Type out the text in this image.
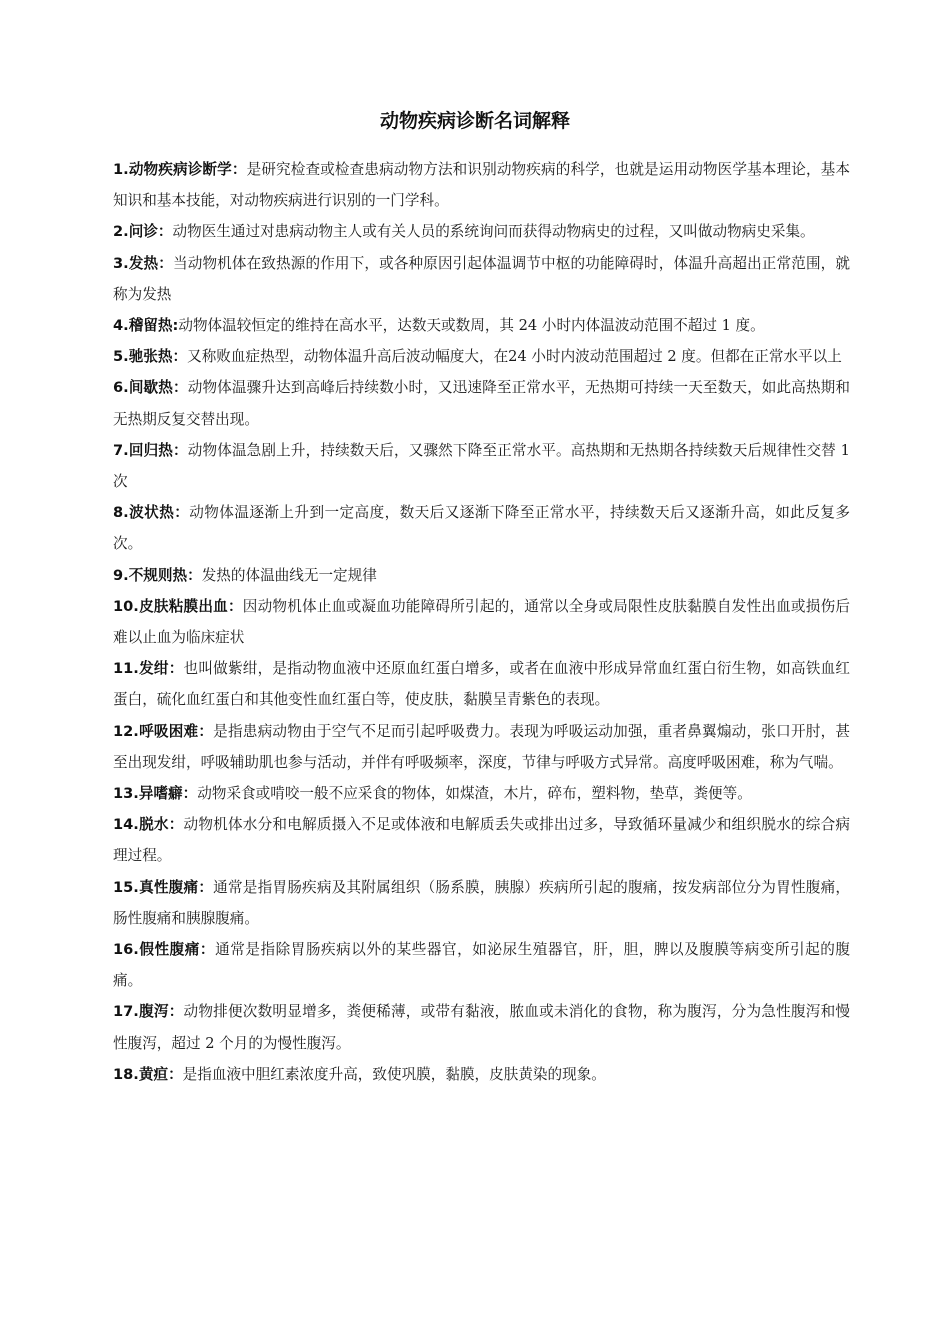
动物疾病诊断名词解释
1.动物疾病诊断学：是研究检查或检查患病动物方法和识别动物疾病的科学，也就是运用动物医学基本理论，基本知识和基本技能，对动物疾病进行识别的一门学科。
2.问诊：动物医生通过对患病动物主人或有关人员的系统询问而获得动物病史的过程，又叫做动物病史采集。
3.发热：当动物机体在致热源的作用下，或各种原因引起体温调节中枢的功能障碍时，体温升高超出正常范围，就称为发热
4.稽留热:动物体温较恒定的维持在高水平，达数天或数周，其 24 小时内体温波动范围不超过 1 度。
5.驰张热：又称败血症热型，动物体温升高后波动幅度大，在24 小时内波动范围超过 2 度。但都在正常水平以上
6.间歇热：动物体温骤升达到高峰后持续数小时，又迅速降至正常水平，无热期可持续一天至数天，如此高热期和无热期反复交替出现。
7.回归热：动物体温急剧上升，持续数天后，又骤然下降至正常水平。高热期和无热期各持续数天后规律性交替 1 次
8.波状热：动物体温逐渐上升到一定高度，数天后又逐渐下降至正常水平，持续数天后又逐渐升高，如此反复多次。
9.不规则热：发热的体温曲线无一定规律
10.皮肤粘膜出血：因动物机体止血或凝血功能障碍所引起的，通常以全身或局限性皮肤黏膜自发性出血或损伤后难以止血为临床症状
11.发绀：也叫做紫绀，是指动物血液中还原血红蛋白增多，或者在血液中形成异常血红蛋白衍生物，如高铁血红蛋白，硫化血红蛋白和其他变性血红蛋白等，使皮肤，黏膜呈青紫色的表现。
12.呼吸困难：是指患病动物由于空气不足而引起呼吸费力。表现为呼吸运动加强，重者鼻翼煽动，张口开肘，甚至出现发绀，呼吸辅助肌也参与活动，并伴有呼吸频率，深度，节律与呼吸方式异常。高度呼吸困难，称为气喘。
13.异嗜癖：动物采食或啃咬一般不应采食的物体，如煤渣，木片，碎布，塑料物，垫草，粪便等。
14.脱水：动物机体水分和电解质摄入不足或体液和电解质丢失或排出过多，导致循环量减少和组织脱水的综合病理过程。
15.真性腹痛：通常是指胃肠疾病及其附属组织（肠系膜，胰腺）疾病所引起的腹痛，按发病部位分为胃性腹痛，肠性腹痛和胰腺腹痛。
16.假性腹痛：通常是指除胃肠疾病以外的某些器官，如泌尿生殖器官，肝，胆，脾以及腹膜等病变所引起的腹痛。
17.腹泻：动物排便次数明显增多，粪便稀薄，或带有黏液，脓血或未消化的食物，称为腹泻，分为急性腹泻和慢性腹泻，超过 2 个月的为慢性腹泻。
18.黄疸：是指血液中胆红素浓度升高，致使巩膜，黏膜，皮肤黄染的现象。
